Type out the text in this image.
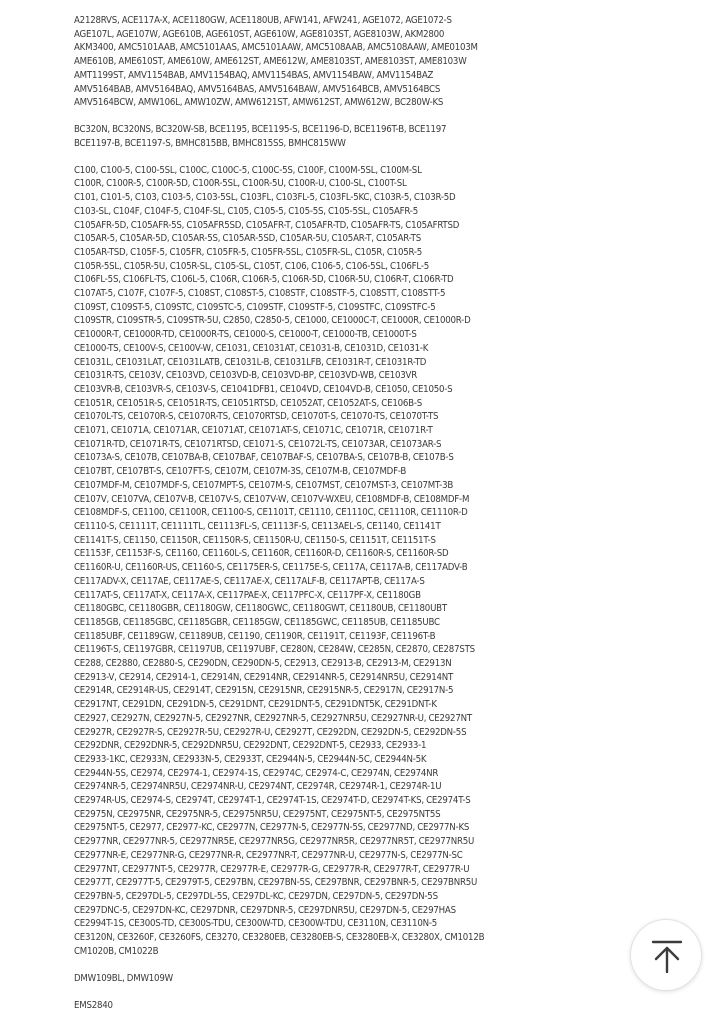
A2128RVS, ACE117A-X, ACE1180GW, ACE1180UB, AFW141, AFW241, AGE1072, AGE1072-S
AGE107L, AGE107W, AGE610B, AGE610ST, AGE610W, AGE8103ST, AGE8103W, AKM2800
AKM3400, AMC5101AAB, AMC5101AAS, AMC5101AAW, AMC5108AAB, AMC5108AAW, AME0103M
AME610B, AME610ST, AME610W, AME612ST, AME612W, AME8103ST, AME8103ST, AME8103W
AMT1199ST, AMV1154BAB, AMV1154BAQ, AMV1154BAS, AMV1154BAW, AMV1154BAZ
AMV5164BAB, AMV5164BAQ, AMV5164BAS, AMV5164BAW, AMV5164BCB, AMV5164BCS
AMV5164BCW, AMW106L, AMW10ZW, AMW6121ST, AMW612ST, AMW612W, BC280W-KS
BC320N, BC320NS, BC320W-SB, BCE1195, BCE1195-S, BCE1196-D, BCE1196T-B, BCE1197
BCE1197-B, BCE1197-S, BMHC815BB, BMHC815SS, BMHC815WW
C100, C100-5, C100-5SL, C100C, C100C-5, C100C-5S, C100F, C100M-5SL, C100M-SL
C100R, C100R-5, C100R-5D, C100R-5SL, C100R-5U, C100R-U, C100-SL, C100T-SL
C101, C101-5, C103, C103-5, C103-5SL, C103FL, C103FL-5, C103FL-5KC, C103R-5, C103R-5D
C103-SL, C104F, C104F-5, C104F-SL, C105, C105-5, C105-5S, C105-5SL, C105AFR-5
C105AFR-5D, C105AFR-5S, C105AFR5SD, C105AFR-T, C105AFR-TD, C105AFR-TS, C105AFRTSD
C105AR-5, C105AR-5D, C105AR-5S, C105AR-5SD, C105AR-5U, C105AR-T, C105AR-TS
C105AR-TSD, C105F-5, C105FR, C105FR-5, C105FR-5SL, C105FR-SL, C105R, C105R-5
C105R-5SL, C105R-5U, C105R-SL, C105-SL, C105T, C106, C106-5, C106-5SL, C106FL-5
C106FL-5S, C106FL-TS, C106L-5, C106R, C106R-5, C106R-5D, C106R-5U, C106R-T, C106R-TD
C107AT-5, C107F, C107F-5, C108ST, C108ST-5, C108STF, C108STF-5, C108STT, C108STT-5
C109ST, C109ST-5, C109STC, C109STC-5, C109STF, C109STF-5, C109STFC, C109STFC-5
C109STR, C109STR-5, C109STR-5U, C2850, C2850-5, CE1000, CE1000C-T, CE1000R, CE1000R-D
CE1000R-T, CE1000R-TD, CE1000R-TS, CE1000-S, CE1000-T, CE1000-TB, CE1000T-S
CE1000-TS, CE100V-S, CE100V-W, CE1031, CE1031AT, CE1031-B, CE1031D, CE1031-K
CE1031L, CE1031LAT, CE1031LATB, CE1031L-B, CE1031LFB, CE1031R-T, CE1031R-TD
CE1031R-TS, CE103V, CE103VD, CE103VD-B, CE103VD-BP, CE103VD-WB, CE103VR
CE103VR-B, CE103VR-S, CE103V-S, CE1041DFB1, CE104VD, CE104VD-B, CE1050, CE1050-S
CE1051R, CE1051R-S, CE1051R-TS, CE1051RTSD, CE1052AT, CE1052AT-S, CE106B-S
CE1070L-TS, CE1070R-S, CE1070R-TS, CE1070RTSD, CE1070T-S, CE1070-TS, CE1070T-TS
CE1071, CE1071A, CE1071AR, CE1071AT, CE1071AT-S, CE1071C, CE1071R, CE1071R-T
CE1071R-TD, CE1071R-TS, CE1071RTSD, CE1071-S, CE1072L-TS, CE1073AR, CE1073AR-S
CE1073A-S, CE107B, CE107BA-B, CE107BAF, CE107BAF-S, CE107BA-S, CE107B-B, CE107B-S
CE107BT, CE107BT-S, CE107FT-S, CE107M, CE107M-3S, CE107M-B, CE107MDF-B
CE107MDF-M, CE107MDF-S, CE107MPT-S, CE107M-S, CE107MST, CE107MST-3, CE107MT-3B
CE107V, CE107VA, CE107V-B, CE107V-S, CE107V-W, CE107V-WXEU, CE108MDF-B, CE108MDF-M
CE108MDF-S, CE1100, CE1100R, CE1100-S, CE1101T, CE1110, CE1110C, CE1110R, CE1110R-D
CE1110-S, CE1111T, CE1111TL, CE1113FL-S, CE1113F-S, CE113AEL-S, CE1140, CE1141T
CE1141T-S, CE1150, CE1150R, CE1150R-S, CE1150R-U, CE1150-S, CE1151T, CE1151T-S
CE1153F, CE1153F-S, CE1160, CE1160L-S, CE1160R, CE1160R-D, CE1160R-S, CE1160R-SD
CE1160R-U, CE1160R-US, CE1160-S, CE1175ER-S, CE1175E-S, CE117A, CE117A-B, CE117ADV-B
CE117ADV-X, CE117AE, CE117AE-S, CE117AE-X, CE117ALF-B, CE117APT-B, CE117A-S
CE117AT-S, CE117AT-X, CE117A-X, CE117PAE-X, CE117PFC-X, CE117PF-X, CE1180GB
CE1180GBC, CE1180GBR, CE1180GW, CE1180GWC, CE1180GWT, CE1180UB, CE1180UBT
CE1185GB, CE1185GBC, CE1185GBR, CE1185GW, CE1185GWC, CE1185UB, CE1185UBC
CE1185UBF, CE1189GW, CE1189UB, CE1190, CE1190R, CE1191T, CE1193F, CE1196T-B
CE1196T-S, CE1197GBR, CE1197UB, CE1197UBF, CE280N, CE284W, CE285N, CE2870, CE287STS
CE288, CE2880, CE2880-S, CE290DN, CE290DN-5, CE2913, CE2913-B, CE2913-M, CE2913N
CE2913-V, CE2914, CE2914-1, CE2914N, CE2914NR, CE2914NR-5, CE2914NR5U, CE2914NT
CE2914R, CE2914R-US, CE2914T, CE2915N, CE2915NR, CE2915NR-5, CE2917N, CE2917N-5
CE2917NT, CE291DN, CE291DN-5, CE291DNT, CE291DNT-5, CE291DNT5K, CE291DNT-K
CE2927, CE2927N, CE2927N-5, CE2927NR, CE2927NR-5, CE2927NR5U, CE2927NR-U, CE2927NT
CE2927R, CE2927R-S, CE2927R-5U, CE2927R-U, CE2927T, CE292DN, CE292DN-5, CE292DN-5S
CE292DNR, CE292DNR-5, CE292DNR5U, CE292DNT, CE292DNT-5, CE2933, CE2933-1
CE2933-1KC, CE2933N, CE2933N-5, CE2933T, CE2944N-5, CE2944N-5C, CE2944N-5K
CE2944N-5S, CE2974, CE2974-1, CE2974-1S, CE2974C, CE2974-C, CE2974N, CE2974NR
CE2974NR-5, CE2974NR5U, CE2974NR-U, CE2974NT, CE2974R, CE2974R-1, CE2974R-1U
CE2974R-US, CE2974-S, CE2974T, CE2974T-1, CE2974T-1S, CE2974T-D, CE2974T-KS, CE2974T-S
CE2975N, CE2975NR, CE2975NR-5, CE2975NR5U, CE2975NT, CE2975NT-5, CE2975NT5S
CE2975NT-5, CE2977, CE2977-KC, CE2977N, CE2977N-5, CE2977N-5S, CE2977ND, CE2977N-KS
CE2977NR, CE2977NR-5, CE2977NR5E, CE2977NR5G, CE2977NR5R, CE2977NR5T, CE2977NR5U
CE2977NR-E, CE2977NR-G, CE2977NR-R, CE2977NR-T, CE2977NR-U, CE2977N-S, CE2977N-SC
CE2977NT, CE2977NT-5, CE2977R, CE2977R-E, CE2977R-G, CE2977R-R, CE2977R-T, CE2977R-U
CE2977T, CE2977T-5, CE2979T-5, CE297BN, CE297BN-5S, CE297BNR, CE297BNR-5, CE297BNR5U
CE297BN-5, CE297DL-5, CE297DL-5S, CE297DL-KC, CE297DN, CE297DN-5, CE297DN-5S
CE297DNC-5, CE297DN-KC, CE297DNR, CE297DNR-5, CE297DNR5U, CE297DN-5, CE297HAS
CE2994T-1S, CE300S-TD, CE300S-TDU, CE300W-TD, CE300W-TDU, CE3110N, CE3110N-5
CE3120N, CE3260F, CE3260FS, CE3270, CE3280EB, CE3280EB-S, CE3280EB-X, CE3280X, CM1012B
CM1020B, CM1022B
DMW109BL, DMW109W
EMS2840
